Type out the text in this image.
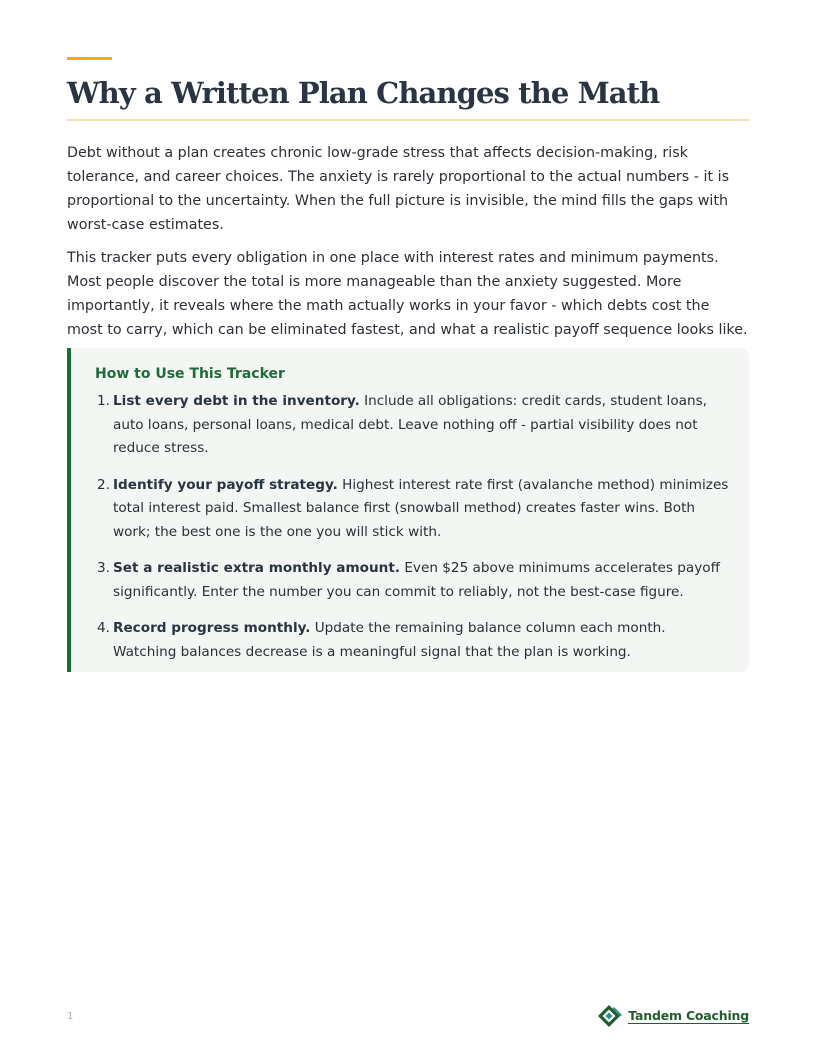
Why a Written Plan Changes the Math

Debt without a plan creates chronic low-grade stress that affects decision-making, risk tolerance, and career choices. The anxiety is rarely proportional to the actual numbers - it is proportional to the uncertainty. When the full picture is invisible, the mind fills the gaps with worst-case estimates.

This tracker puts every obligation in one place with interest rates and minimum payments. Most people discover the total is more manageable than the anxiety suggested. More importantly, it reveals where the math actually works in your favor - which debts cost the most to carry, which can be eliminated fastest, and what a realistic payoff sequence looks like.

How to Use This Tracker
1. List every debt in the inventory. Include all obligations: credit cards, student loans, auto loans, personal loans, medical debt. Leave nothing off - partial visibility does not reduce stress.
2. Identify your payoff strategy. Highest interest rate first (avalanche method) minimizes total interest paid. Smallest balance first (snowball method) creates faster wins. Both work; the best one is the one you will stick with.
3. Set a realistic extra monthly amount. Even $25 above minimums accelerates payoff significantly. Enter the number you can commit to reliably, not the best-case figure.
4. Record progress monthly. Update the remaining balance column each month. Watching balances decrease is a meaningful signal that the plan is working.
1	Tandem Coaching
